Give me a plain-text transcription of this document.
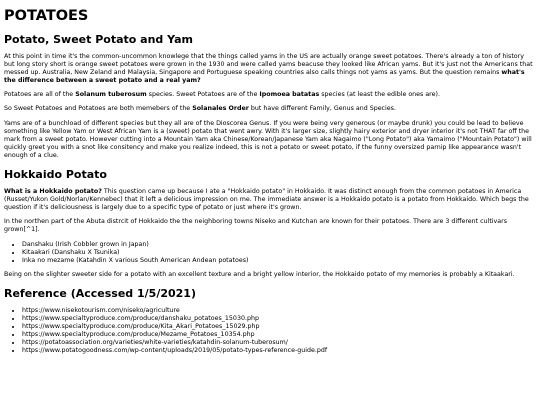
POTATOES
Potato, Sweet Potato and Yam

At this point in time it's the common-uncommon knowlege that the things called yams in the US are actually orange sweet potatoes. There's already a ton of history but long story short is orange sweet potatoes were grown in the 1930 and were called yams beacuse they looked like African yams. But it's just not the Americans that messed up. Australia, New Zeland and Malaysia, Singapore and Portuguese speaking countries also calls things not yams as yams. But the question remains what's the difference between a sweet potato and a real yam?

Potatoes are all of the Solanum tuberosum species. Sweet Potatoes are of the Ipomoea batatas species (at least the edible ones are).

So Sweet Potatoes and Potatoes are both memebers of the Solanales Order but have different Family, Genus and Species.

Yams are of a bunchload of different species but they all are of the Dioscorea Genus. If you were being very generous (or maybe drunk) you could be lead to believe something like Yellow Yam or West African Yam is a (sweet) potato that went awry. With it's larger size, slightly hairy exterior and dryer interior it's not THAT far off the mark from a sweet potato. However cutting into a Mountain Yam aka Chinese/Korean/Japanese Yam aka Nagaimo ("Long Potato") aka Yamaimo ("Mountain Potato") will quickly greet you with a snot like consitency and make you realize indeed, this is not a potato or sweet potato, if the funny oversized parnip like appearance wasn't enough of a clue.

Hokkaido Potato

What is a Hokkaido potato? This question came up because I ate a "Hokkaido potato" in Hokkaido. It was distinct enough from the common potatoes in America (Russet/Yukon Gold/Norlan/Kennebec) that it left a delicious impression on me. The immediate answer is a Hokkaido potato is a potato from Hokkaido. Which begs the question if it's deliciousness is largely due to a specific type of potato or just where it's grown.

In the northen part of the Abuta distrcit of Hokkaido the the neighboring towns Niseko and Kutchan are known for their potatoes. There are 3 different cultivars grown[^1].

• Danshaku (Irish Cobbler grown in Japan)
• Kitaakari (Danshaku X Tsunika)
• Inka no mezame (Katahdin X various South American Andean potatoes)

Being on the slighter sweeter side for a potato with an excellent texture and a bright yellow interior, the Hokkaido potato of my memories is probably a Kitaakari.

Reference (Accessed 1/5/2021)
• https://www.nisekotourism.com/niseko/agriculture
• https://www.specialtyproduce.com/produce/danshaku_potatoes_15030.php
• https://www.specialtyproduce.com/produce/Kita_Akari_Potatoes_15029.php
• https://www.specialtyproduce.com/produce/Mezame_Potatoes_10354.php
• https://potatoassociation.org/varieties/white-varieties/katahdin-solanum-tuberosum/
• https://www.potatogoodness.com/wp-content/uploads/2019/05/potato-types-reference-guide.pdf
